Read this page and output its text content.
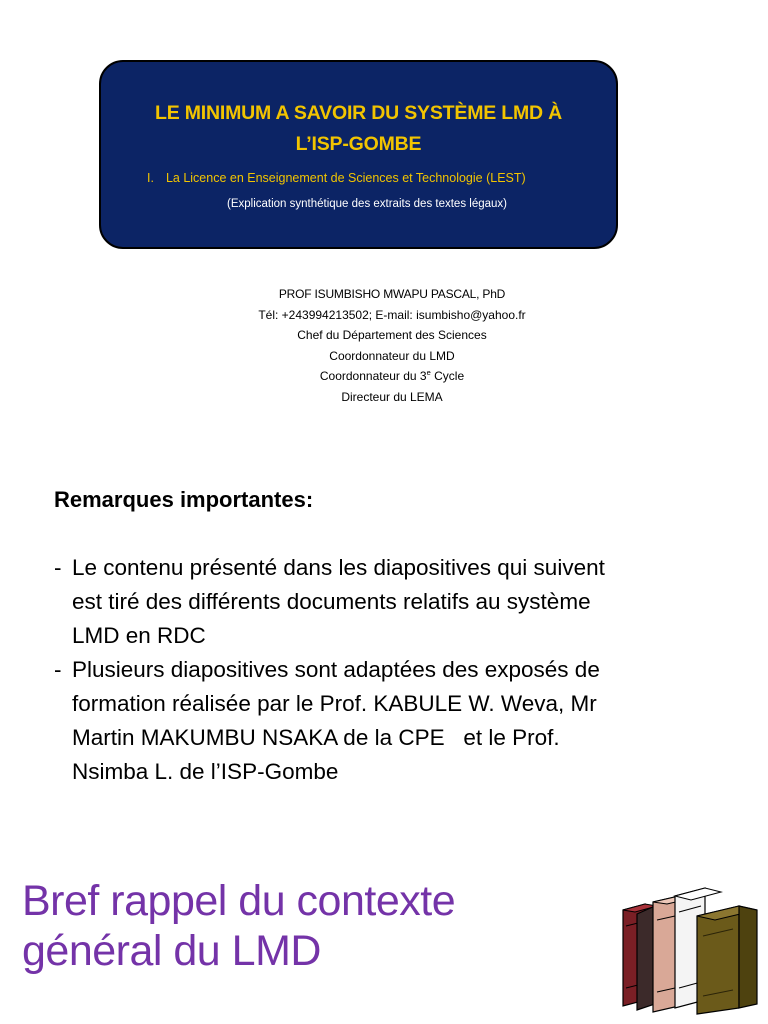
LE MINIMUM A SAVOIR DU SYSTÈME LMD À
L’ISP-GOMBE
I. La Licence en Enseignement de Sciences et Technologie (LEST)
(Explication synthétique des extraits des textes légaux)
PROF ISUMBISHO MWAPU PASCAL, PhD
Tél: +243994213502; E-mail: isumbisho@yahoo.fr
Chef du Département des Sciences
Coordonnateur du LMD
Coordonnateur du 3e Cycle
Directeur du LEMA
Remarques importantes:
- Le contenu présenté dans les diapositives qui suivent
est tiré des différents documents relatifs au système
LMD en RDC
- Plusieurs diapositives sont adaptées des exposés de
formation réalisée par le Prof. KABULE W. Weva, Mr
Martin MAKUMBU NSAKA de la CPE   et le Prof.
Nsimba L. de l’ISP-Gombe
Bref rappel du contexte
général du LMD
